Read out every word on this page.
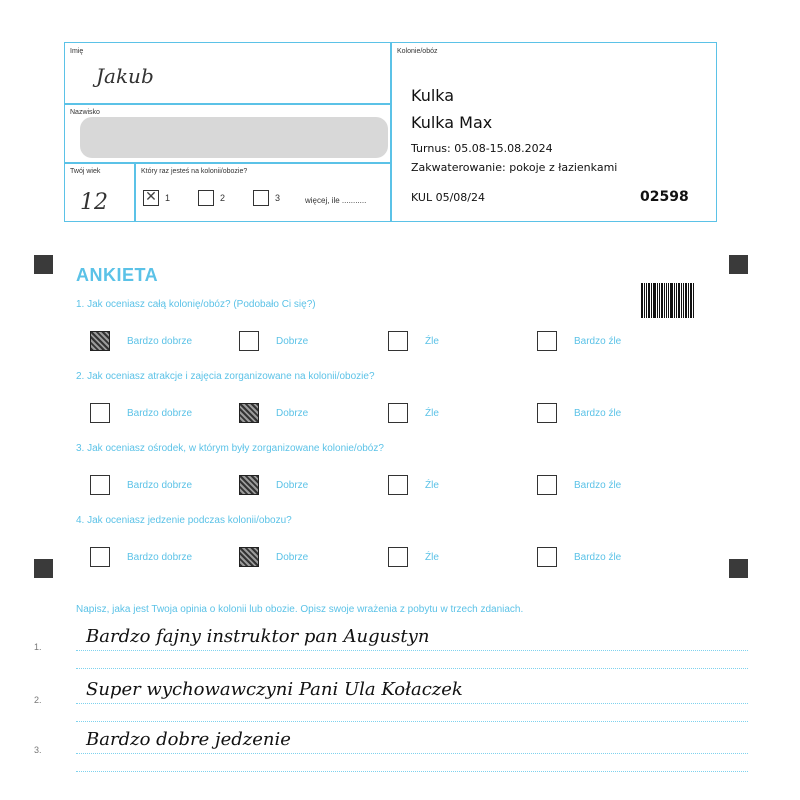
Imię
Jakub
Nazwisko
Twój wiek
12
Który raz jesteś na kolonii/obozie?
✕
1	2	3	więcej, ile ...........
Kolonie/obóz
Kulka
Kulka Max
Turnus: 05.08-15.08.2024
Zakwaterowanie: pokoje z łazienkami
KUL 05/08/24	02598
ANKIETA
1. Jak oceniasz całą kolonię/obóz? (Podobało Ci się?)
Bardzo dobrze	Dobrze	Źle	Bardzo źle
2. Jak oceniasz atrakcje i zajęcia zorganizowane na kolonii/obozie?
Bardzo dobrze	Dobrze	Źle	Bardzo źle
3. Jak oceniasz ośrodek, w którym były zorganizowane kolonie/obóz?
Bardzo dobrze	Dobrze	Źle	Bardzo źle
4. Jak oceniasz jedzenie podczas kolonii/obozu?
Bardzo dobrze	Dobrze	Źle	Bardzo źle
Napisz, jaka jest Twoja opinia o kolonii lub obozie. Opisz swoje wrażenia z pobytu w trzech zdaniach.
1. Bardzo fajny instruktor pan Augustyn
2. Super wychowawczyni Pani Ula Kołaczek
3. Bardzo dobre jedzenie
